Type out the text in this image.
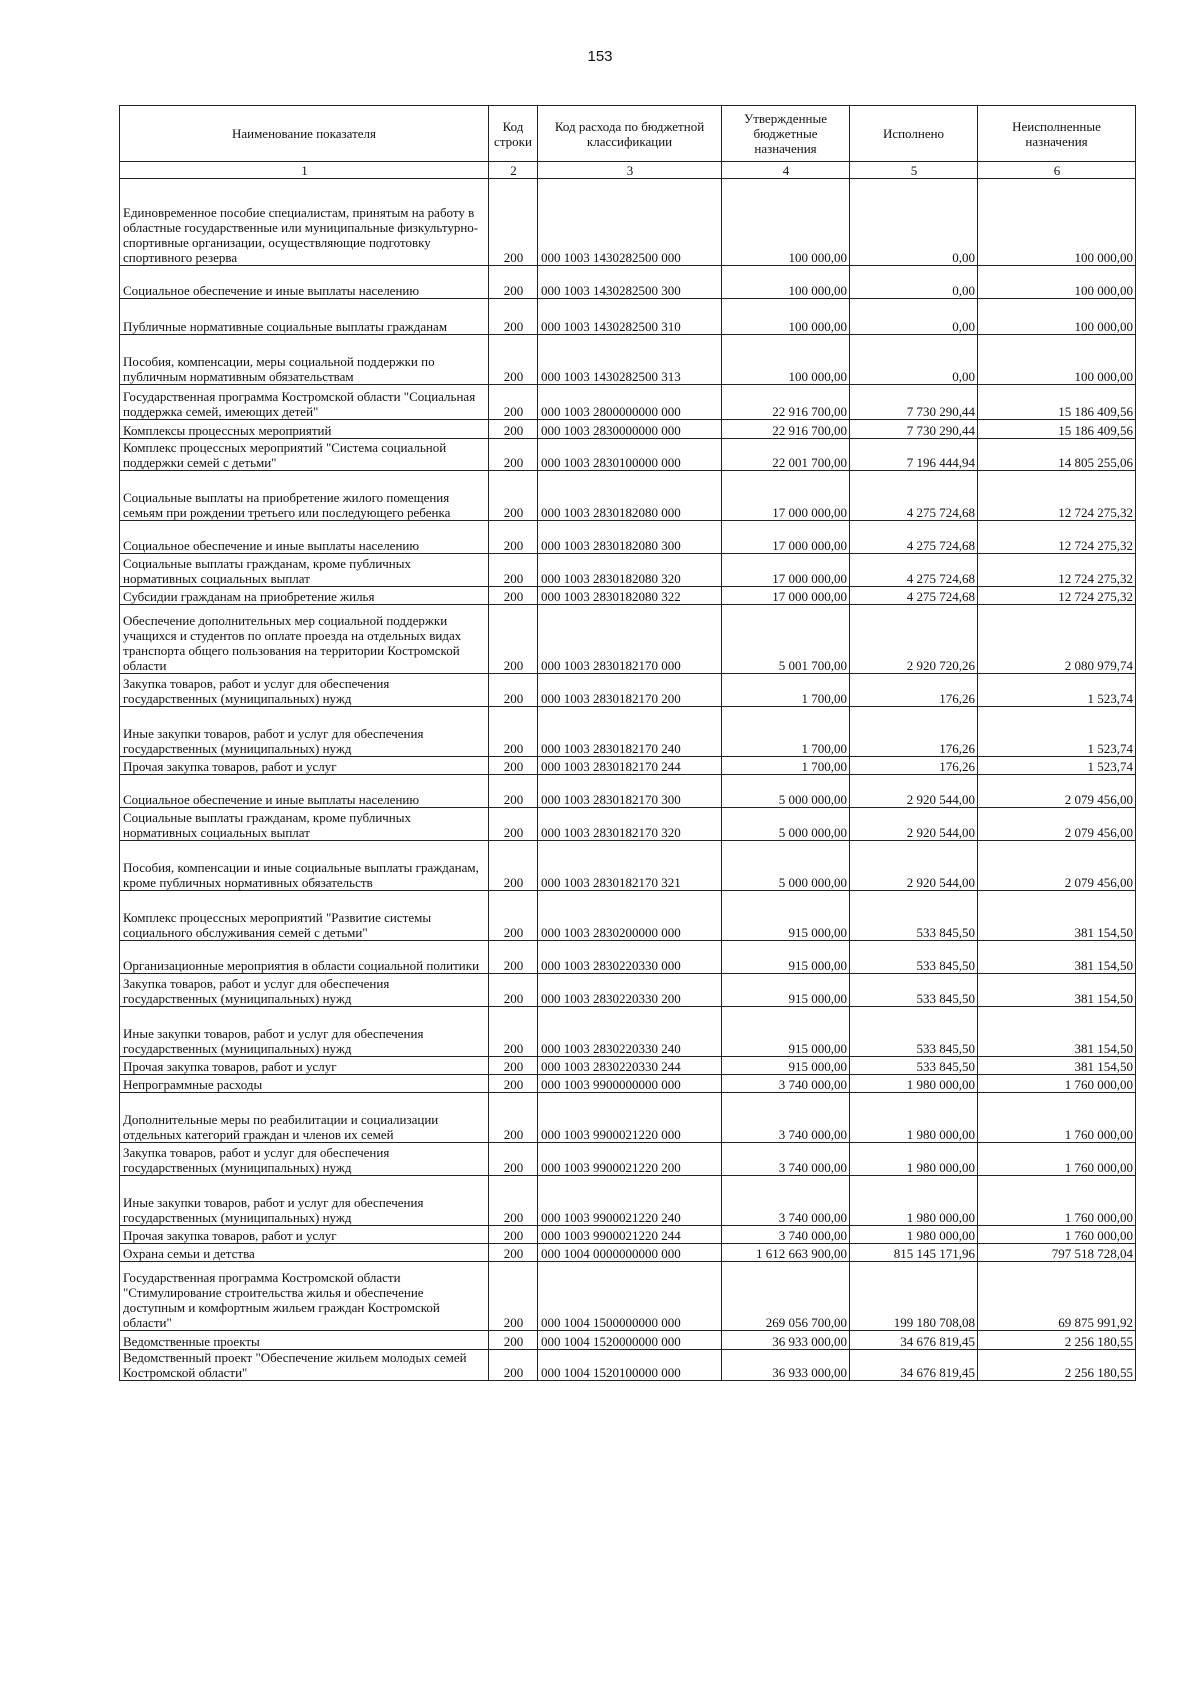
153
Наименование показателя	Код строки	Код расхода по бюджетной классификации	Утвержденные бюджетные назначения	Исполнено	Неисполненные назначения
1	2	3	4	5	6
Единовременное пособие специалистам, принятым на работу в областные государственные или муниципальные физкультурно-спортивные организации, осуществляющие подготовку спортивного резерва	200	000 1003 1430282500 000	100 000,00	0,00	100 000,00
Социальное обеспечение и иные выплаты населению	200	000 1003 1430282500 300	100 000,00	0,00	100 000,00
Публичные нормативные социальные выплаты гражданам	200	000 1003 1430282500 310	100 000,00	0,00	100 000,00
Пособия, компенсации, меры социальной поддержки по публичным нормативным обязательствам	200	000 1003 1430282500 313	100 000,00	0,00	100 000,00
Государственная программа Костромской области "Социальная поддержка семей, имеющих детей"	200	000 1003 2800000000 000	22 916 700,00	7 730 290,44	15 186 409,56
Комплексы процессных мероприятий	200	000 1003 2830000000 000	22 916 700,00	7 730 290,44	15 186 409,56
Комплекс процессных мероприятий "Система социальной поддержки семей с детьми"	200	000 1003 2830100000 000	22 001 700,00	7 196 444,94	14 805 255,06
Социальные выплаты на приобретение жилого помещения семьям при рождении третьего или последующего ребенка	200	000 1003 2830182080 000	17 000 000,00	4 275 724,68	12 724 275,32
Социальное обеспечение и иные выплаты населению	200	000 1003 2830182080 300	17 000 000,00	4 275 724,68	12 724 275,32
Социальные выплаты гражданам, кроме публичных нормативных социальных выплат	200	000 1003 2830182080 320	17 000 000,00	4 275 724,68	12 724 275,32
Субсидии гражданам на приобретение жилья	200	000 1003 2830182080 322	17 000 000,00	4 275 724,68	12 724 275,32
Обеспечение дополнительных мер социальной поддержки учащихся и студентов по оплате проезда на отдельных видах транспорта общего пользования на территории Костромской области	200	000 1003 2830182170 000	5 001 700,00	2 920 720,26	2 080 979,74
Закупка товаров, работ и услуг для обеспечения государственных (муниципальных) нужд	200	000 1003 2830182170 200	1 700,00	176,26	1 523,74
Иные закупки товаров, работ и услуг для обеспечения государственных (муниципальных) нужд	200	000 1003 2830182170 240	1 700,00	176,26	1 523,74
Прочая закупка товаров, работ и услуг	200	000 1003 2830182170 244	1 700,00	176,26	1 523,74
Социальное обеспечение и иные выплаты населению	200	000 1003 2830182170 300	5 000 000,00	2 920 544,00	2 079 456,00
Социальные выплаты гражданам, кроме публичных нормативных социальных выплат	200	000 1003 2830182170 320	5 000 000,00	2 920 544,00	2 079 456,00
Пособия, компенсации и иные социальные выплаты гражданам, кроме публичных нормативных обязательств	200	000 1003 2830182170 321	5 000 000,00	2 920 544,00	2 079 456,00
Комплекс процессных мероприятий "Развитие системы социального обслуживания семей с детьми"	200	000 1003 2830200000 000	915 000,00	533 845,50	381 154,50
Организационные мероприятия в области социальной политики	200	000 1003 2830220330 000	915 000,00	533 845,50	381 154,50
Закупка товаров, работ и услуг для обеспечения государственных (муниципальных) нужд	200	000 1003 2830220330 200	915 000,00	533 845,50	381 154,50
Иные закупки товаров, работ и услуг для обеспечения государственных (муниципальных) нужд	200	000 1003 2830220330 240	915 000,00	533 845,50	381 154,50
Прочая закупка товаров, работ и услуг	200	000 1003 2830220330 244	915 000,00	533 845,50	381 154,50
Непрограммные расходы	200	000 1003 9900000000 000	3 740 000,00	1 980 000,00	1 760 000,00
Дополнительные меры по реабилитации и социализации отдельных категорий граждан и членов их семей	200	000 1003 9900021220 000	3 740 000,00	1 980 000,00	1 760 000,00
Закупка товаров, работ и услуг для обеспечения государственных (муниципальных) нужд	200	000 1003 9900021220 200	3 740 000,00	1 980 000,00	1 760 000,00
Иные закупки товаров, работ и услуг для обеспечения государственных (муниципальных) нужд	200	000 1003 9900021220 240	3 740 000,00	1 980 000,00	1 760 000,00
Прочая закупка товаров, работ и услуг	200	000 1003 9900021220 244	3 740 000,00	1 980 000,00	1 760 000,00
Охрана семьи и детства	200	000 1004 0000000000 000	1 612 663 900,00	815 145 171,96	797 518 728,04
Государственная программа Костромской области "Стимулирование строительства жилья и обеспечение доступным и комфортным жильем граждан Костромской области"	200	000 1004 1500000000 000	269 056 700,00	199 180 708,08	69 875 991,92
Ведомственные проекты	200	000 1004 1520000000 000	36 933 000,00	34 676 819,45	2 256 180,55
Ведомственный проект "Обеспечение жильем молодых семей Костромской области"	200	000 1004 1520100000 000	36 933 000,00	34 676 819,45	2 256 180,55
